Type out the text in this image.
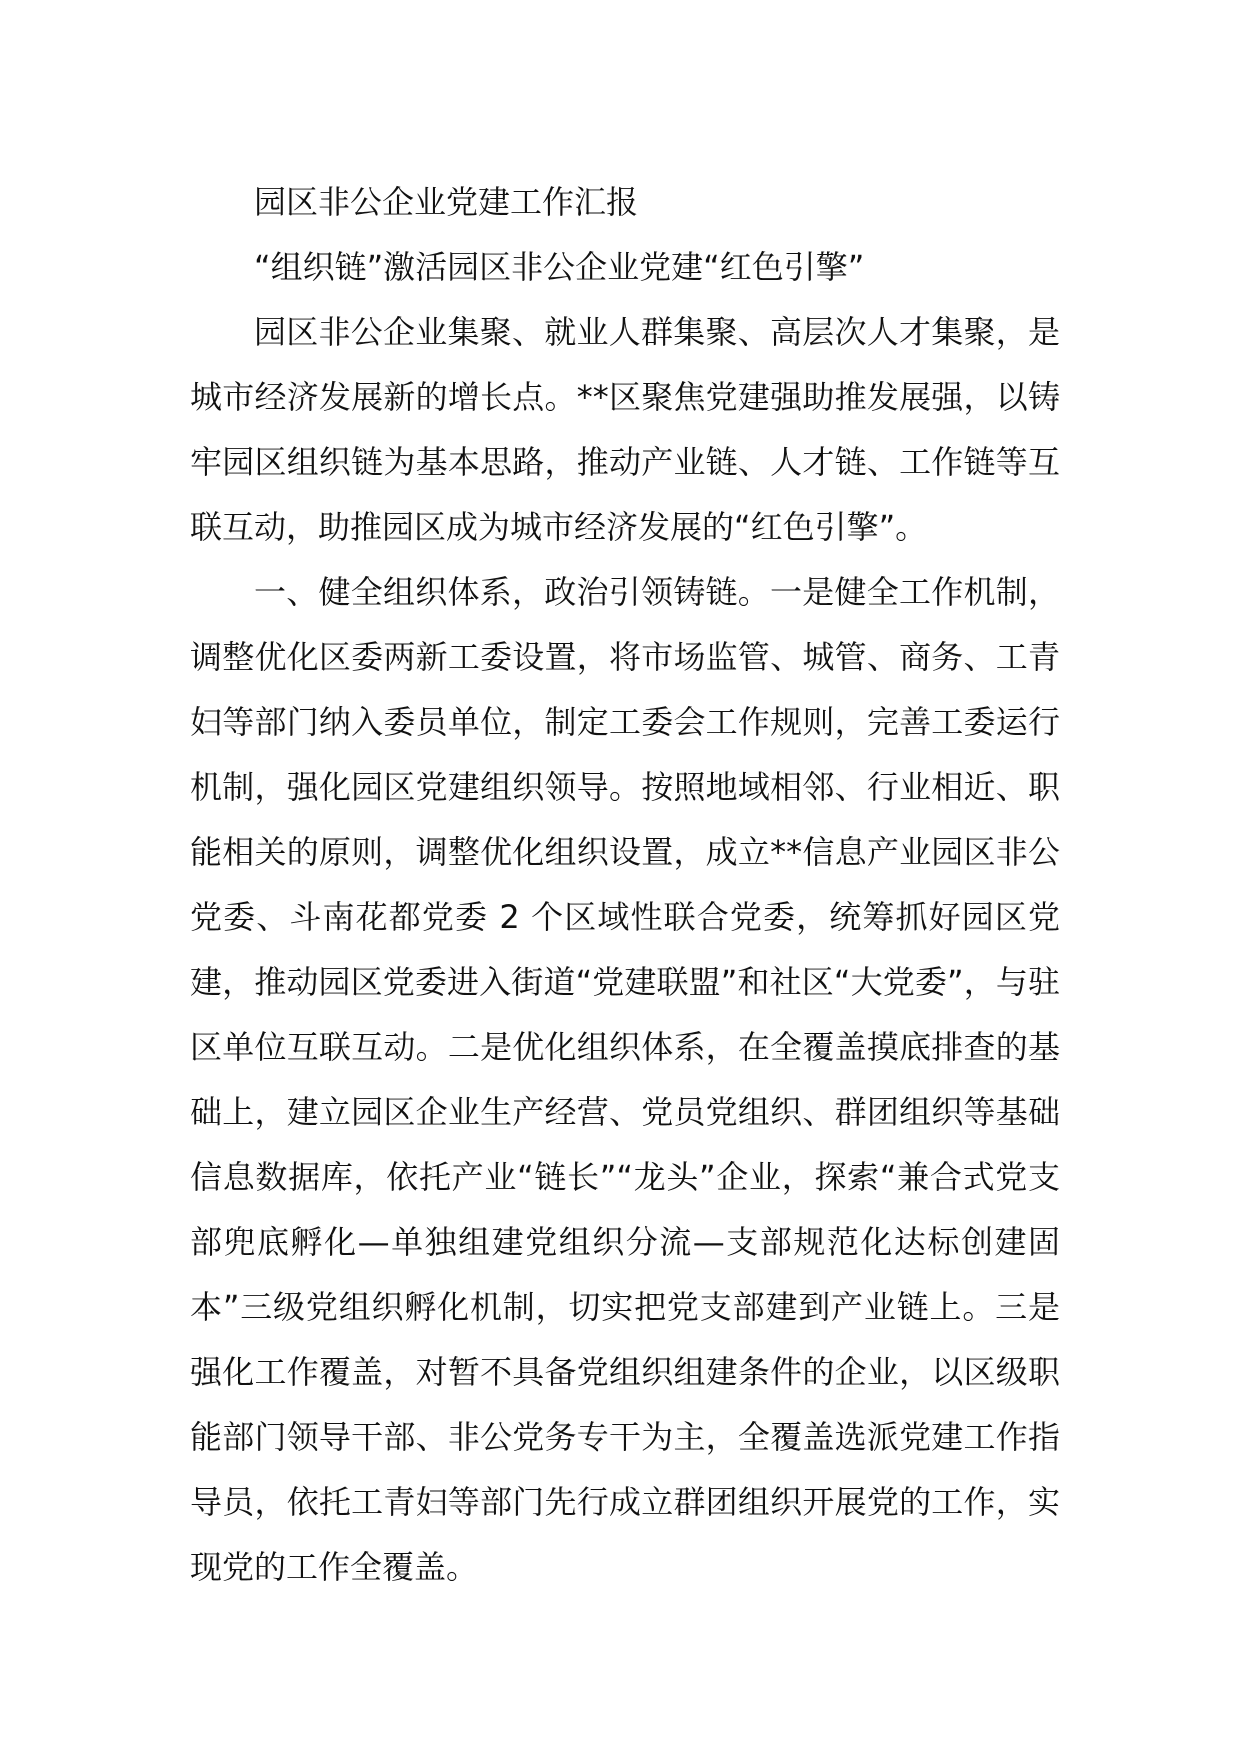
园区非公企业党建工作汇报

“组织链”激活园区非公企业党建“红色引擎”

园区非公企业集聚、就业人群集聚、高层次人才集聚，是城市经济发展新的增长点。**区聚焦党建强助推发展强，以铸牢园区组织链为基本思路，推动产业链、人才链、工作链等互联互动，助推园区成为城市经济发展的“红色引擎”。

一、健全组织体系，政治引领铸链。一是健全工作机制，调整优化区委两新工委设置，将市场监管、城管、商务、工青妇等部门纳入委员单位，制定工委会工作规则，完善工委运行机制，强化园区党建组织领导。按照地域相邻、行业相近、职能相关的原则，调整优化组织设置，成立**信息产业园区非公党委、斗南花都党委 2 个区域性联合党委，统筹抓好园区党建，推动园区党委进入街道“党建联盟”和社区“大党委”，与驻区单位互联互动。二是优化组织体系，在全覆盖摸底排查的基础上，建立园区企业生产经营、党员党组织、群团组织等基础信息数据库，依托产业“链长”“龙头”企业，探索“兼合式党支部兜底孵化—单独组建党组织分流—支部规范化达标创建固本”三级党组织孵化机制，切实把党支部建到产业链上。三是强化工作覆盖，对暂不具备党组织组建条件的企业，以区级职能部门领导干部、非公党务专干为主，全覆盖选派党建工作指导员，依托工青妇等部门先行成立群团组织开展党的工作，实现党的工作全覆盖。
